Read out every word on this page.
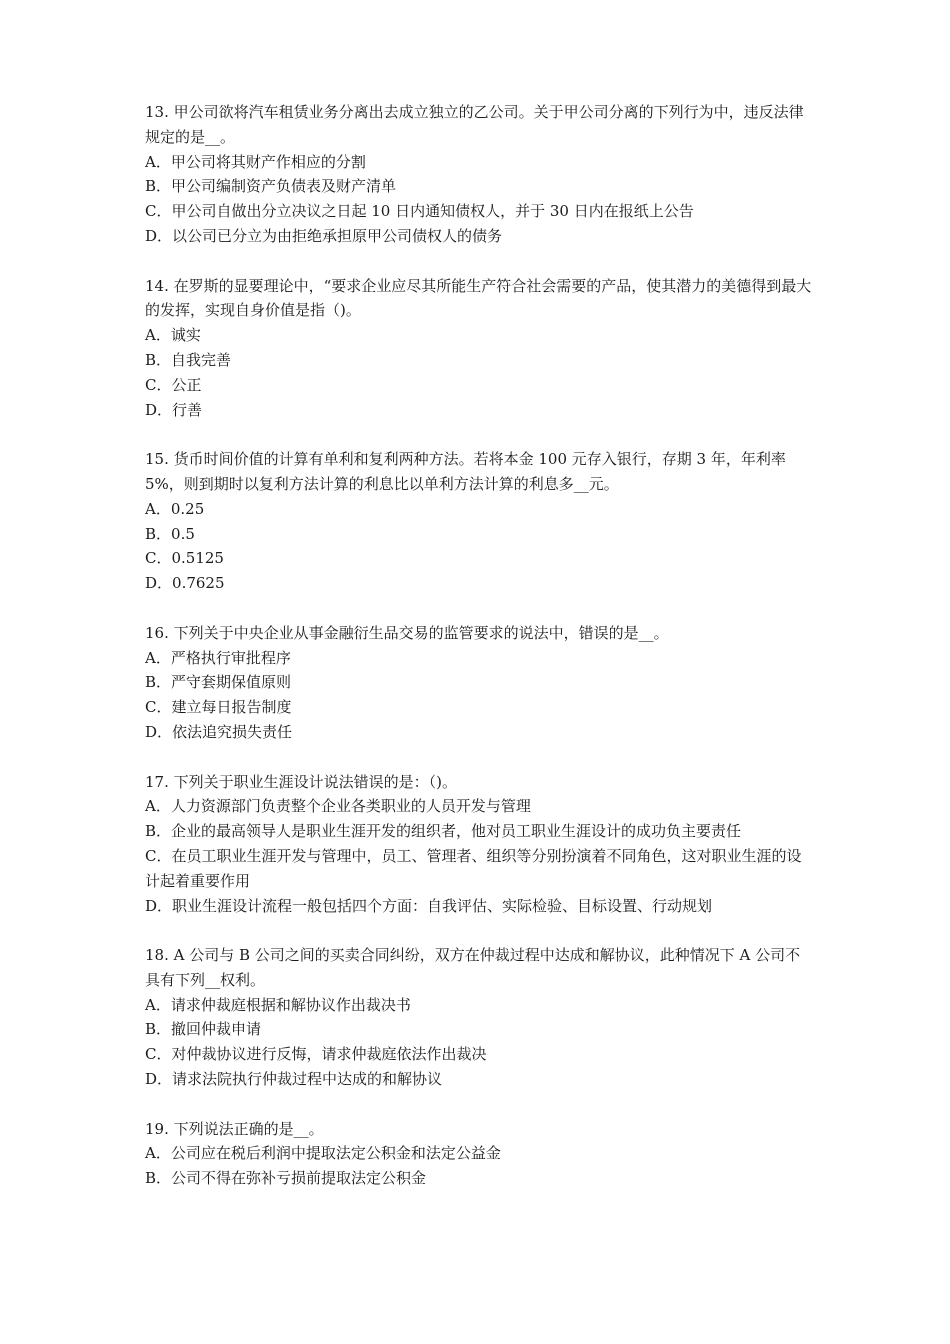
13. 甲公司欲将汽车租赁业务分离出去成立独立的乙公司。关于甲公司分离的下列行为中，违反法律规定的是__。

A．甲公司将其财产作相应的分割

B．甲公司编制资产负债表及财产清单

C．甲公司自做出分立决议之日起 10 日内通知债权人，并于 30 日内在报纸上公告

D．以公司已分立为由拒绝承担原甲公司债权人的债务

14. 在罗斯的显要理论中，“要求企业应尽其所能生产符合社会需要的产品，使其潜力的美德得到最大的发挥，实现自身价值是指（)。

A．诚实

B．自我完善

C．公正

D．行善

15. 货币时间价值的计算有单利和复利两种方法。若将本金 100 元存入银行，存期 3 年，年利率 5%，则到期时以复利方法计算的利息比以单利方法计算的利息多__元。

A．0.25

B．0.5

C．0.5125

D．0.7625

16. 下列关于中央企业从事金融衍生品交易的监管要求的说法中，错误的是__。

A．严格执行审批程序

B．严守套期保值原则

C．建立每日报告制度

D．依法追究损失责任

17. 下列关于职业生涯设计说法错误的是：（)。

A．人力资源部门负责整个企业各类职业的人员开发与管理

B．企业的最高领导人是职业生涯开发的组织者，他对员工职业生涯设计的成功负主要责任

C．在员工职业生涯开发与管理中，员工、管理者、组织等分别扮演着不同角色，这对职业生涯的设计起着重要作用

D．职业生涯设计流程一般包括四个方面：自我评估、实际检验、目标设置、行动规划

18. A 公司与 B 公司之间的买卖合同纠纷，双方在仲裁过程中达成和解协议，此种情况下 A 公司不具有下列__权利。

A．请求仲裁庭根据和解协议作出裁决书

B．撤回仲裁申请

C．对仲裁协议进行反悔，请求仲裁庭依法作出裁决

D．请求法院执行仲裁过程中达成的和解协议

19. 下列说法正确的是__。

A．公司应在税后利润中提取法定公积金和法定公益金

B．公司不得在弥补亏损前提取法定公积金
